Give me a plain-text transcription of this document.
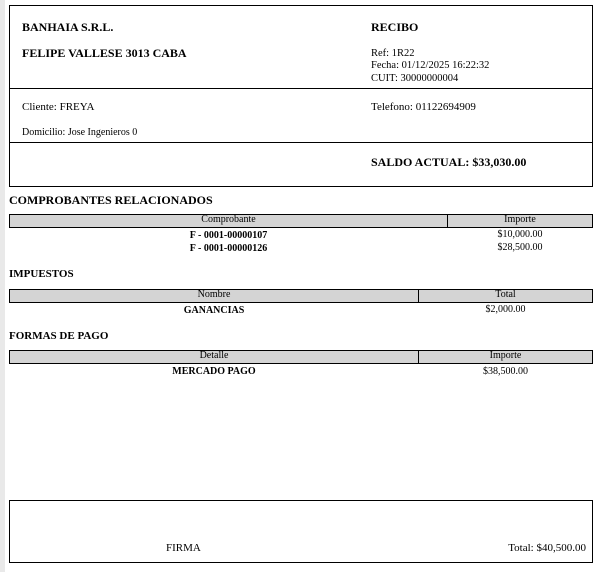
BANHAIA S.R.L.
FELIPE VALLESE 3013 CABA
RECIBO
Ref: 1R22
Fecha: 01/12/2025 16:22:32
CUIT: 30000000004
Cliente: FREYA	Telefono: 01122694909
Domicilio: Jose Ingenieros 0
SALDO ACTUAL: $33,030.00
COMPROBANTES RELACIONADOS
Comprobante	Importe
F - 0001-00000107	$10,000.00
F - 0001-00000126	$28,500.00
IMPUESTOS
Nombre	Total
GANANCIAS	$2,000.00
FORMAS DE PAGO
Detalle	Importe
MERCADO PAGO	$38,500.00
FIRMA	Total: $40,500.00
